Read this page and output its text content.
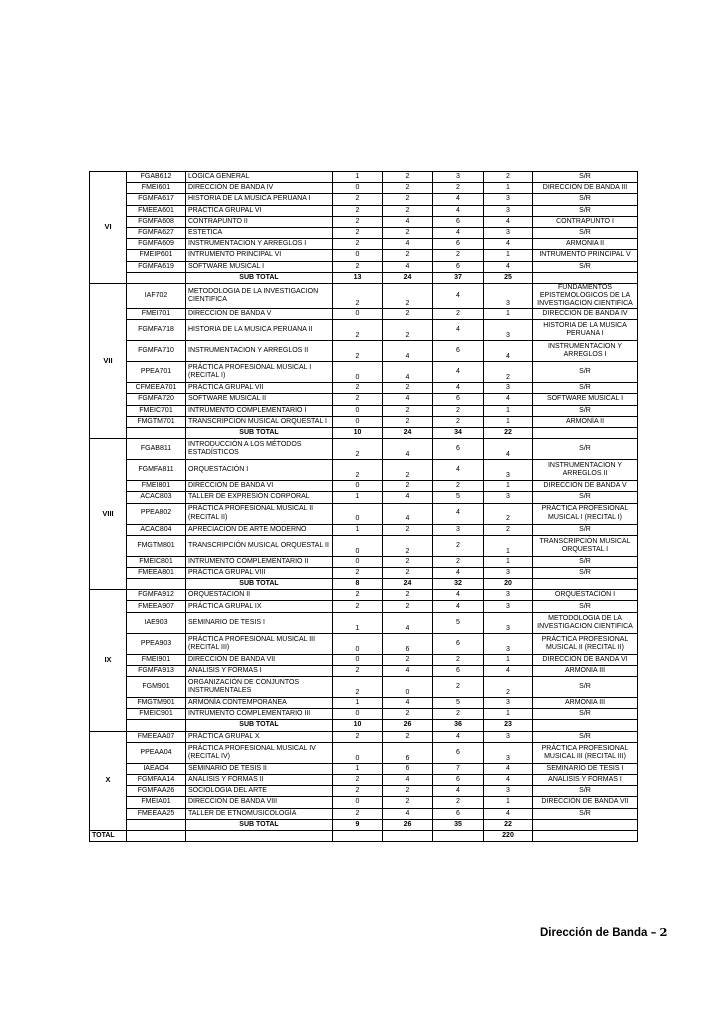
VI	FGAB612	LÓGICA GENERAL	1	2	3	2	S/R
	FMEI601	DIRECCIÒN DE BANDA IV	0	2	2	1	DIRECCIÒN DE BANDA III
	FGMFA617	HISTORIA DE LA MUSICA PERUANA I	2	2	4	3	S/R
	FMEEA601	PRÁCTICA GRUPAL VI	2	2	4	3	S/R
	FGMFA608	CONTRAPUNTO II	2	4	6	4	CONTRAPUNTO I
	FGMFA627	ESTETICA	2	2	4	3	S/R
	FGMFA609	INSTRUMENTACION Y ARREGLOS I	2	4	6	4	ARMONIA II
	FMEIP601	INTRUMENTO PRINCIPAL VI	0	2	2	1	INTRUMENTO PRINCIPAL V
	FGMFA619	SOFTWARE MUSICAL I	2	4	6	4	S/R
		SUB TOTAL	13	24	37	25	
VII	IAF702	METODOLOGIA DE LA INVESTIGACION CIENTIFICA	2	2	4	3	FUNDAMENTOS EPISTEMOLOGICOS DE LA INVESTIGACION CIENTIFICA
	FMEI701	DIRECCIÒN DE BANDA V	0	2	2	1	DIRECCIÒN DE BANDA IV
	FGMFA718	HISTORIA DE LA MUSICA PERUANA II	2	2	4	3	HISTORIA DE LA MUSICA PERUANA I
	FGMFA710	INSTRUMENTACION Y ARREGLOS II	2	4	6	4	INSTRUMENTACION Y ARREGLOS I
	PPEA701	PRÁCTICA PROFESIONAL MUSICAL I (RECITAL I)	0	4	4	2	S/R
	CFMEEA701	PRÁCTICA GRUPAL VII	2	2	4	3	S/R
	FGMFA720	SOFTWARE MUSICAL II	2	4	6	4	SOFTWARE MUSICAL I
	FMEIC701	INTRUMENTO COMPLEMENTARIO I	0	2	2	1	S/R
	FMGTM701	TRANSCRIPCIÓN MUSICAL ORQUESTAL I	0	2	2	1	ARMONÍA II
		SUB TOTAL	10	24	34	22	
VIII	FGAB811	INTRODUCCIÓN A LOS MÉTODOS ESTADÍSTICOS	2	4	6	4	S/R
	FGMFA811	ORQUESTACIÓN I	2	2	4	3	INSTRUMENTACION Y ARREGLOS II
	FMEI801	DIRECCIÒN DE BANDA VI	0	2	2	1	DIRECCIÒN DE BANDA V
	ACAC803	TALLER DE EXPRESIÒN CORPORAL	1	4	5	3	S/R
	PPEA802	PRÁCTICA PROFESIONAL MUSICAL II (RECITAL II)	0	4	4	2	PRÁCTICA PROFESIONAL MUSICAL I (RECITAL I)
	ACAC804	APRECIACION DE ARTE MODERNO	1	2	3	2	S/R
	FMGTM801	TRANSCRIPCIÓN MUSICAL ORQUESTAL II	0	2	2	1	TRANSCRIPCIÒN MUSICAL ORQUESTAL I
	FMEIC801	INTRUMENTO COMPLEMENTARIO II	0	2	2	1	S/R
	FMEEA801	PRÁCTICA GRUPAL VIII	2	2	4	3	S/R
		SUB TOTAL	8	24	32	20	
IX	FGMFA912	ORQUESTACIÓN II	2	2	4	3	ORQUESTACIÓN I
	FMEEA907	PRÁCTICA GRUPAL IX	2	2	4	3	S/R
	IAE903	SEMINARIO DE TESIS I	1	4	5	3	METODOLOGIA DE LA INVESTIGACION CIENTIFICA
	PPEA903	PRÁCTICA PROFESIONAL MUSICAL III (RECITAL III)	0	6	6	3	PRÁCTICA PROFESIONAL MUSICAL II (RECITAL II)
	FMEI901	DIRECCIÒN DE BANDA VII	0	2	2	1	DIRECCIÒN DE BANDA VI
	FGMFA913	ANALISIS Y FORMAS I	2	4	6	4	ARMONIA III
	FGM901	ORGANIZACIÓN DE CONJUNTOS INSTRUMENTALES	2	0	2	2	S/R
	FMGTM901	ARMONÍA CONTEMPORÁNEA	1	4	5	3	ARMONIA III
	FMEIC901	INTRUMENTO COMPLEMENTARIO III	0	2	2	1	S/R
		SUB TOTAL	10	26	36	23	
X	FMEEAA07	PRÁCTICA GRUPAL X	2	2	4	3	S/R
	PPEAA04	PRÁCTICA PROFESIONAL MUSICAL IV (RECITAL IV)	0	6	6	3	PRÁCTICA PROFESIONAL MUSICAL III (RECITAL III)
	IAEAO4	SEMINARIO DE TESIS II	1	6	7	4	SEMINARIO DE TESIS I
	FGMFAA14	ANALISIS Y FORMAS II	2	4	6	4	ANALISIS Y FORMAS I
	FGMFAA26	SOCIOLOGIA DEL ARTE	2	2	4	3	S/R
	FMEIA01	DIRECCIÒN DE BANDA VIII	0	2	2	1	DIRECCIÒN DE BANDA VII
	FMEEAA25	TALLER DE ETNOMUSICOLOGÍA	2	4	6	4	S/R
		SUB TOTAL	9	26	35	22	
TOTAL						220	
Dirección de Banda – 2
